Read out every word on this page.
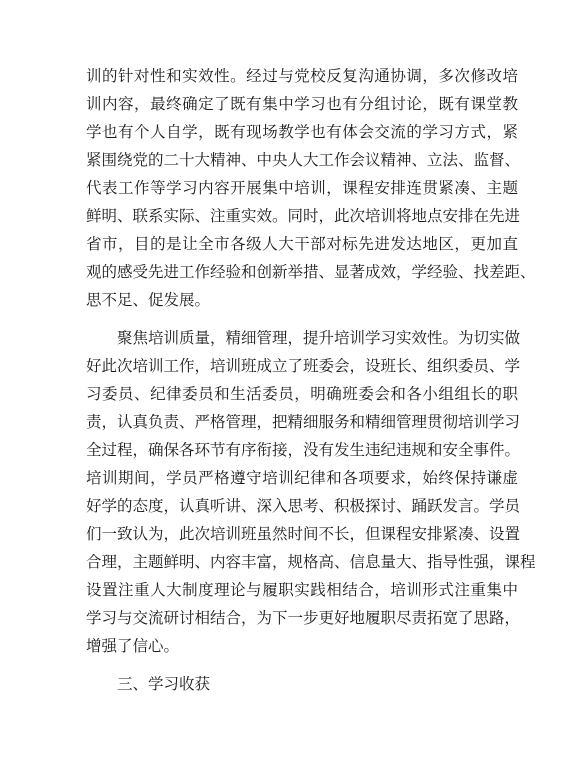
训的针对性和实效性。经过与党校反复沟通协调，多次修改培
训内容，最终确定了既有集中学习也有分组讨论，既有课堂教
学也有个人自学，既有现场教学也有体会交流的学习方式，紧
紧围绕党的二十大精神、中央人大工作会议精神、立法、监督、
代表工作等学习内容开展集中培训，课程安排连贯紧凑、主题
鲜明、联系实际、注重实效。同时，此次培训将地点安排在先进
省市，目的是让全市各级人大干部对标先进发达地区，更加直
观的感受先进工作经验和创新举措、显著成效，学经验、找差距、
思不足、促发展。
聚焦培训质量，精细管理，提升培训学习实效性。为切实做
好此次培训工作，培训班成立了班委会，设班长、组织委员、学
习委员、纪律委员和生活委员，明确班委会和各小组组长的职
责，认真负责、严格管理，把精细服务和精细管理贯彻培训学习
全过程，确保各环节有序衔接，没有发生违纪违规和安全事件。
培训期间，学员严格遵守培训纪律和各项要求，始终保持谦虚
好学的态度，认真听讲、深入思考、积极探讨、踊跃发言。学员
们一致认为，此次培训班虽然时间不长，但课程安排紧凑、设置
合理，主题鲜明、内容丰富，规格高、信息量大、指导性强，课程
设置注重人大制度理论与履职实践相结合，培训形式注重集中
学习与交流研讨相结合，为下一步更好地履职尽责拓宽了思路，
增强了信心。
三、学习收获
